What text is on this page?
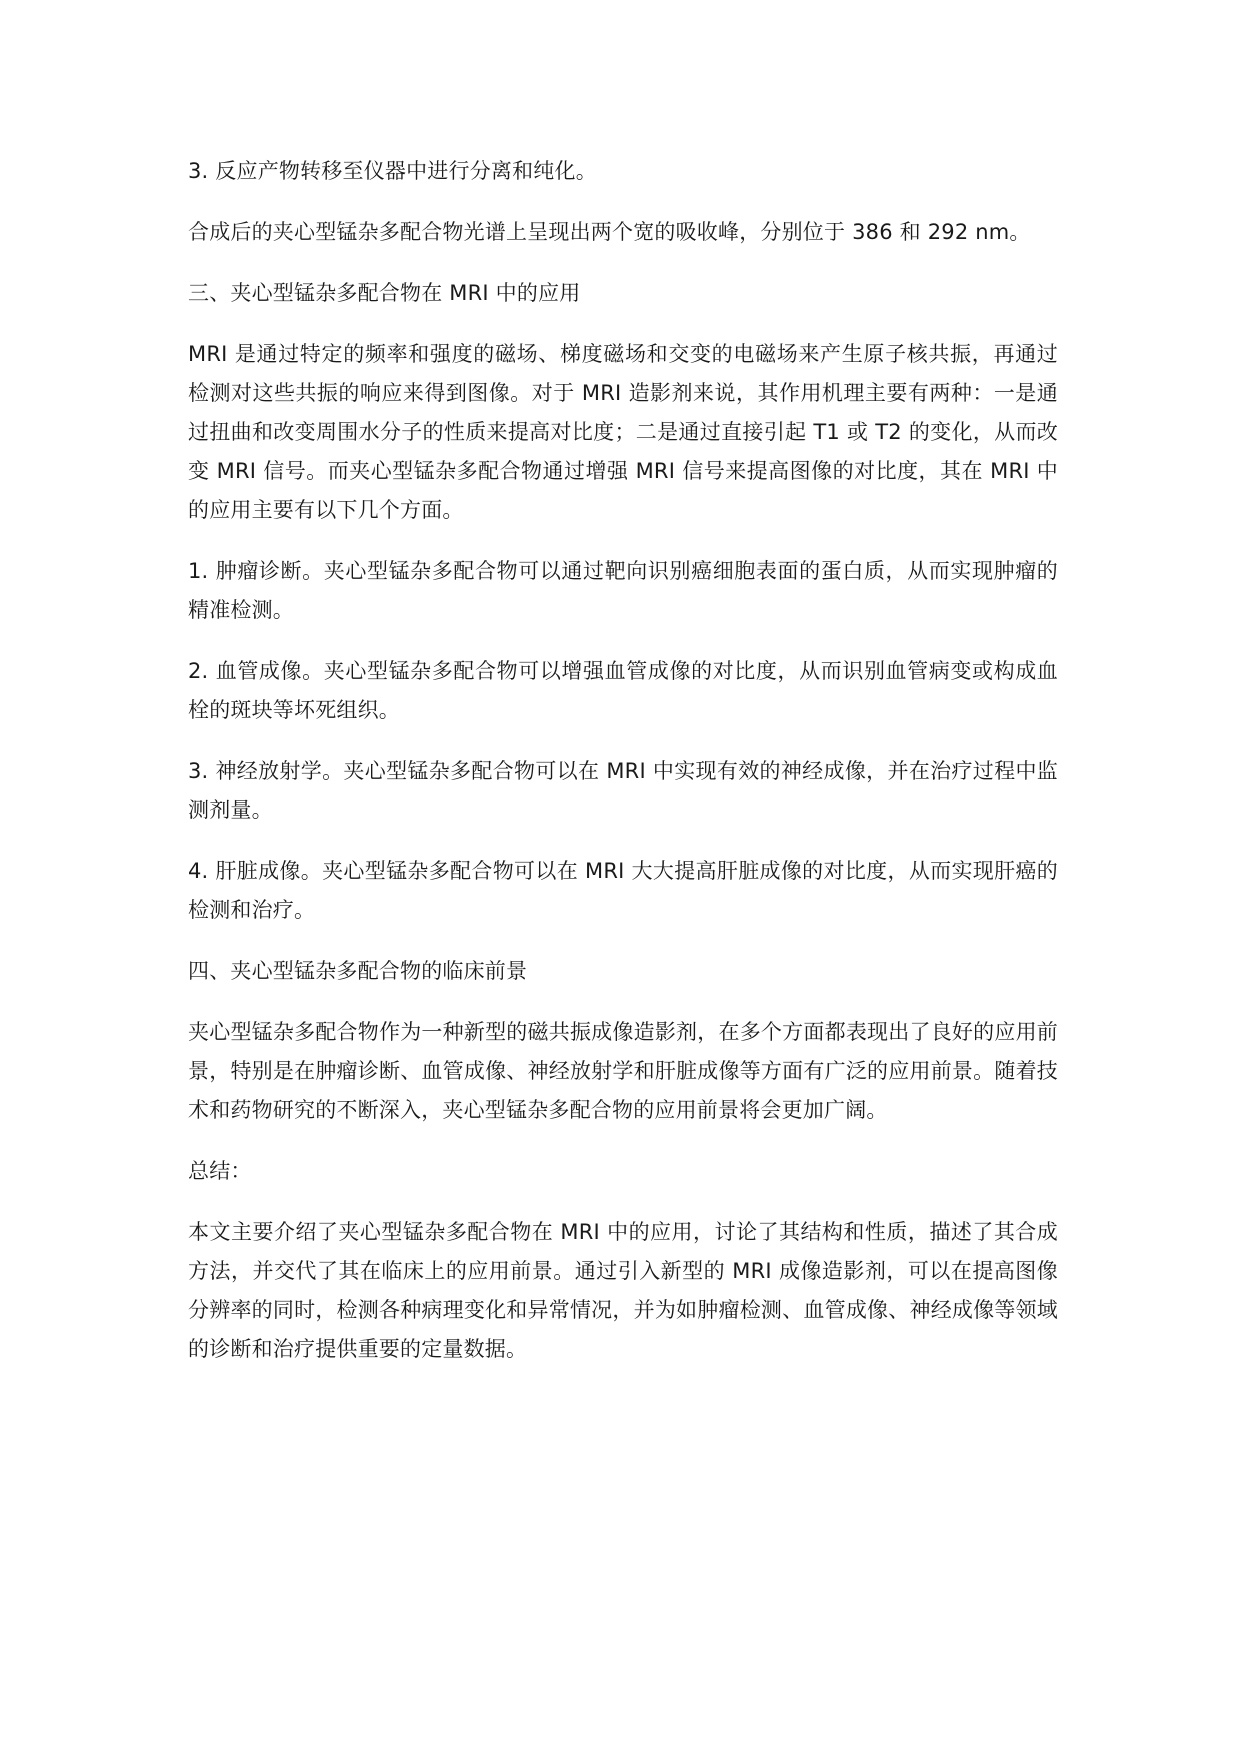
3. 反应产物转移至仪器中进行分离和纯化。

合成后的夹心型锰杂多配合物光谱上呈现出两个宽的吸收峰，分别位于 386 和 292 nm。

三、夹心型锰杂多配合物在 MRI 中的应用

MRI 是通过特定的频率和强度的磁场、梯度磁场和交变的电磁场来产生原子核共振，再通过检测对这些共振的响应来得到图像。对于 MRI 造影剂来说，其作用机理主要有两种：一是通过扭曲和改变周围水分子的性质来提高对比度；二是通过直接引起 T1 或 T2 的变化，从而改变 MRI 信号。而夹心型锰杂多配合物通过增强 MRI 信号来提高图像的对比度，其在 MRI 中的应用主要有以下几个方面。

1. 肿瘤诊断。夹心型锰杂多配合物可以通过靶向识别癌细胞表面的蛋白质，从而实现肿瘤的精准检测。

2. 血管成像。夹心型锰杂多配合物可以增强血管成像的对比度，从而识别血管病变或构成血栓的斑块等坏死组织。

3. 神经放射学。夹心型锰杂多配合物可以在 MRI 中实现有效的神经成像，并在治疗过程中监测剂量。

4. 肝脏成像。夹心型锰杂多配合物可以在 MRI 大大提高肝脏成像的对比度，从而实现肝癌的检测和治疗。

四、夹心型锰杂多配合物的临床前景

夹心型锰杂多配合物作为一种新型的磁共振成像造影剂，在多个方面都表现出了良好的应用前景，特别是在肿瘤诊断、血管成像、神经放射学和肝脏成像等方面有广泛的应用前景。随着技术和药物研究的不断深入，夹心型锰杂多配合物的应用前景将会更加广阔。

总结：

本文主要介绍了夹心型锰杂多配合物在 MRI 中的应用，讨论了其结构和性质，描述了其合成方法，并交代了其在临床上的应用前景。通过引入新型的 MRI 成像造影剂，可以在提高图像分辨率的同时，检测各种病理变化和异常情况，并为如肿瘤检测、血管成像、神经成像等领域的诊断和治疗提供重要的定量数据。
